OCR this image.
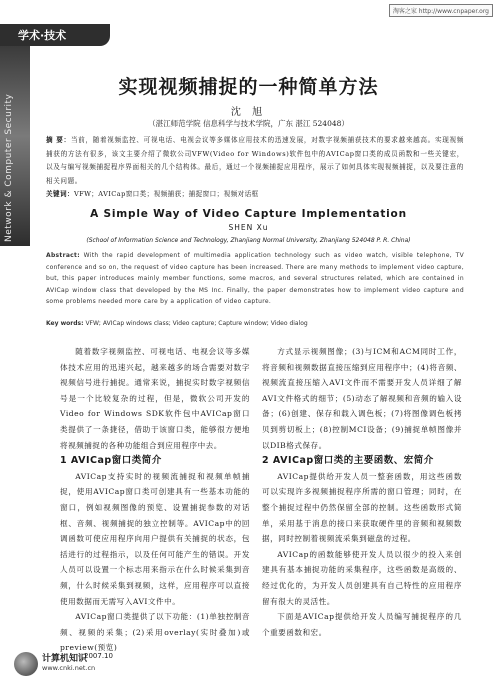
淘客之家 http://www.cnpaper.org
学术·技术
Network & Computer Security
实现视频捕捉的一种简单方法
沈 旭
（湛江师范学院 信息科学与技术学院，广东 湛江 524048）
摘 要：当前，随着视频监控、可视电话、电视会议等多媒体应用技术的迅速发展，对数字视频捕获技术的要求越来越高。实现视频捕获的方法有很多，该文主要介绍了微软公司VFW(Video for Windows)软件包中的AVICap窗口类的成员函数和一些关键宏，以及与编写视频捕捉程序界面相关的几个结构体。最后，通过一个视频捕捉应用程序，展示了如何具体实现视频捕捉，以及要注意的相关问题。
关键词：VFW；AVICap窗口类；视频捕获；捕捉窗口；视频对话框
A Simple Way of Video Capture Implementation
SHEN Xu
(School of Information Science and Technology, Zhanjiang Normal University, Zhanjiang 524048 P. R. China)
Abstract: With the rapid development of multimedia application technology such as video watch, visible telephone, TV conference and so on, the request of video capture has been increased. There are many methods to implement video capture, but, this paper introduces mainly member functions, some macros, and several structures related, which are contained in AVICap window class that developed by the MS Inc. Finally, the paper demonstrates how to implement video capture and some problems needed more care by a application of video capture.
Key words: VFW; AVICap windows class; Video capture; Capture window; Video dialog

随着数字视频监控、可视电话、电视会议等多媒体技术应用的迅速兴起，越来越多的场合需要对数字视频信号进行捕捉。通常来说，捕捉实时数字视频信号是一个比较复杂的过程，但是，微软公司开发的Video for Windows SDK软件包中AVICap窗口类提供了一条捷径，借助于该窗口类，能够很方便地将视频捕捉的各种功能组合到应用程序中去。

1 AVICap窗口类简介

AVICap支持实时的视频流捕捉和视频单帧捕捉，使用AVICap窗口类可创建具有一些基本功能的窗口，例如视频图像的预览、设置捕捉参数的对话框、音频、视频捕捉的独立控制等。AVICap中的回调函数可使应用程序向用户提供有关捕捉的状态，包括进行的过程指示，以及任何可能产生的错误。开发人员可以设置一个标志用来指示在什么时候采集到音频，什么时候采集到视频，这样，应用程序可以直接使用数据而无需写入AVI文件中。

AVICap窗口类提供了以下功能：(1)单独控制音频、视频的采集；(2)采用overlay(实时叠加)或preview(预览)

方式显示视频图像；(3)与ICM和ACM同时工作，将音频和视频数据直接压缩到应用程序中；(4)将音频、视频流直接压缩入AVI文件而不需要开发人员详细了解AVI文件格式的细节；(5)动态了解视频和音频的输入设备；(6)创建、保存和载入调色板；(7)将图像调色板拷贝到剪切板上；(8)控制MCI设备；(9)捕捉单帧图像并以DIB格式保存。

2 AVICap窗口类的主要函数、宏简介

AVICap提供给开发人员一整套函数，用这些函数可以实现许多视频捕捉程序所需的窗口管理；同时，在整个捕捉过程中仍然保留全部的控制。这些函数形式简单，采用基于消息的接口来获取硬件里的音频和视频数据，同时控制着视频流采集到磁盘的过程。

AVICap的函数能够使开发人员以很少的投入来创建具有基本捕捉功能的采集程序，这些函数是高级的、经过优化的，为开发人员创建具有自己特性的应用程序留有很大的灵活性。

下面是AVICap提供给开发人员编写捕捉程序的几个重要函数和宏。

计算机知识
2007.10
www.cnki.net.cn
